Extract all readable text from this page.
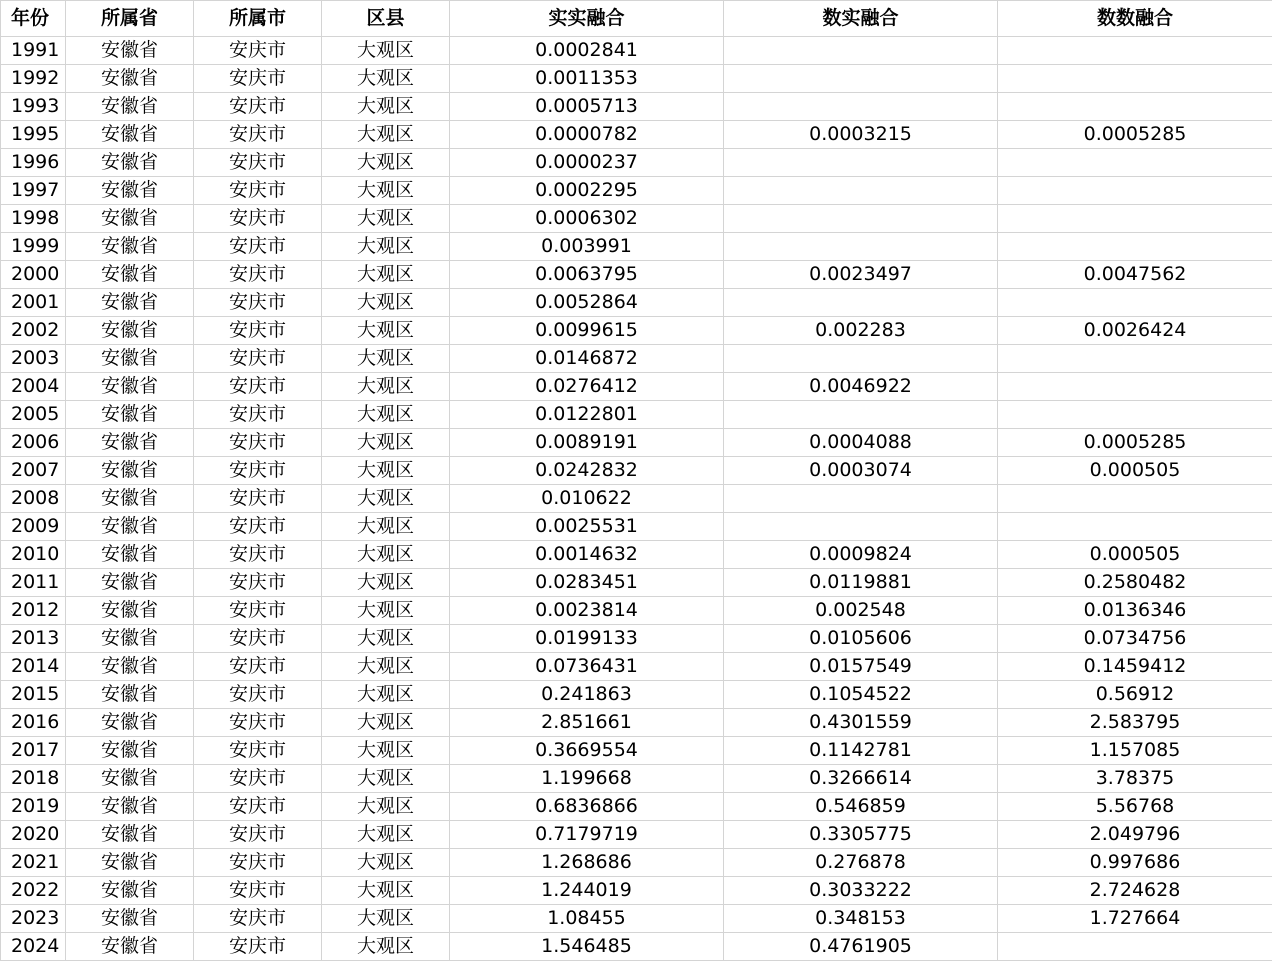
年份	所属省	所属市	区县	实实融合	数实融合	数数融合
1991	安徽省	安庆市	大观区	0.0002841		
1992	安徽省	安庆市	大观区	0.0011353		
1993	安徽省	安庆市	大观区	0.0005713		
1995	安徽省	安庆市	大观区	0.0000782	0.0003215	0.0005285
1996	安徽省	安庆市	大观区	0.0000237		
1997	安徽省	安庆市	大观区	0.0002295		
1998	安徽省	安庆市	大观区	0.0006302		
1999	安徽省	安庆市	大观区	0.003991		
2000	安徽省	安庆市	大观区	0.0063795	0.0023497	0.0047562
2001	安徽省	安庆市	大观区	0.0052864		
2002	安徽省	安庆市	大观区	0.0099615	0.002283	0.0026424
2003	安徽省	安庆市	大观区	0.0146872		
2004	安徽省	安庆市	大观区	0.0276412	0.0046922	
2005	安徽省	安庆市	大观区	0.0122801		
2006	安徽省	安庆市	大观区	0.0089191	0.0004088	0.0005285
2007	安徽省	安庆市	大观区	0.0242832	0.0003074	0.000505
2008	安徽省	安庆市	大观区	0.010622		
2009	安徽省	安庆市	大观区	0.0025531		
2010	安徽省	安庆市	大观区	0.0014632	0.0009824	0.000505
2011	安徽省	安庆市	大观区	0.0283451	0.0119881	0.2580482
2012	安徽省	安庆市	大观区	0.0023814	0.002548	0.0136346
2013	安徽省	安庆市	大观区	0.0199133	0.0105606	0.0734756
2014	安徽省	安庆市	大观区	0.0736431	0.0157549	0.1459412
2015	安徽省	安庆市	大观区	0.241863	0.1054522	0.56912
2016	安徽省	安庆市	大观区	2.851661	0.4301559	2.583795
2017	安徽省	安庆市	大观区	0.3669554	0.1142781	1.157085
2018	安徽省	安庆市	大观区	1.199668	0.3266614	3.78375
2019	安徽省	安庆市	大观区	0.6836866	0.546859	5.56768
2020	安徽省	安庆市	大观区	0.7179719	0.3305775	2.049796
2021	安徽省	安庆市	大观区	1.268686	0.276878	0.997686
2022	安徽省	安庆市	大观区	1.244019	0.3033222	2.724628
2023	安徽省	安庆市	大观区	1.08455	0.348153	1.727664
2024	安徽省	安庆市	大观区	1.546485	0.4761905	
